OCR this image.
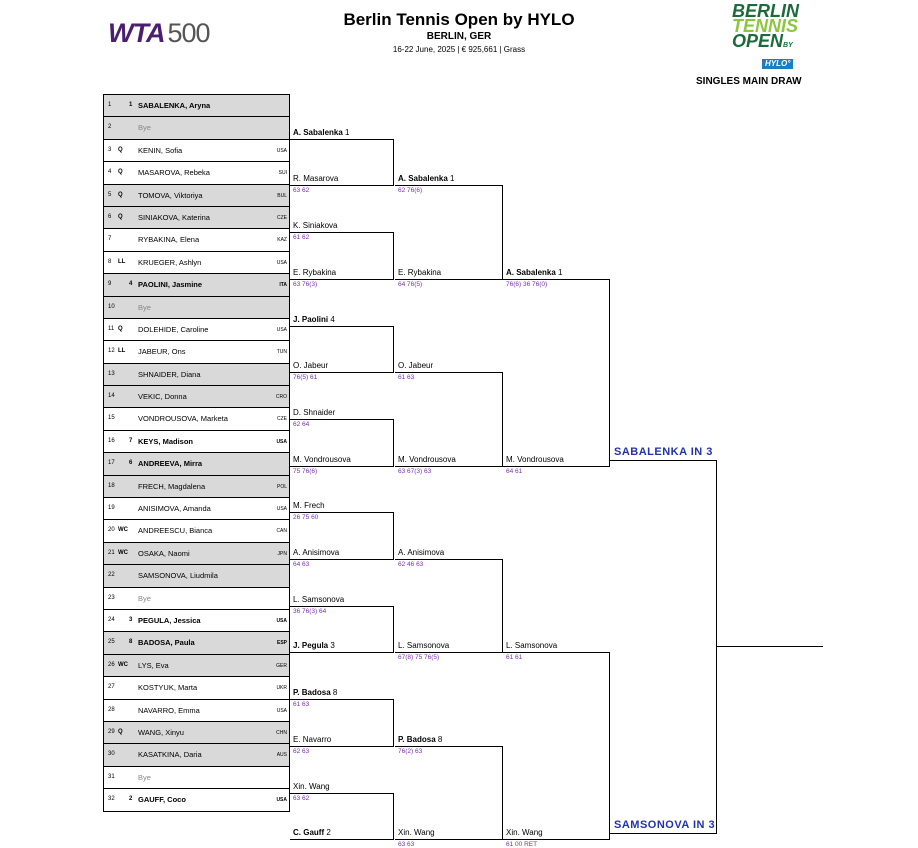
WTA 500	Berlin Tennis Open by HYLO
BERLIN, GER
16-22 June, 2025 | € 925,661 | Grass
BERLIN
TENNIS
OPENBY
HYLO°
SINGLES MAIN DRAW
1	1 SABALENKA, Aryna
2	Bye
3 Q KENIN, Sofia	USA
4 Q MASAROVA, Rebeka	SUI
5 Q TOMOVA, Viktoriya	BUL
6 Q SINIAKOVA, Katerina	CZE
7	RYBAKINA, Elena	KAZ
8 LL KRUEGER, Ashlyn	USA
9	4 PAOLINI, Jasmine	ITA
10	Bye
11 Q DOLEHIDE, Caroline	USA
12 LL JABEUR, Ons	TUN
13	SHNAIDER, Diana
14	VEKIC, Donna	CRO
15	VONDROUSOVA, Marketa	CZE
16 7 KEYS, Madison	USA
17 6 ANDREEVA, Mirra
18	FRECH, Magdalena	POL
19	ANISIMOVA, Amanda	USA
20 WC ANDREESCU, Bianca	CAN
21 WC OSAKA, Naomi	JPN
22	SAMSONOVA, Liudmila
23	Bye
24 3 PEGULA, Jessica	USA
25 8 BADOSA, Paula	ESP
26 WC LYS, Eva	GER
27	KOSTYUK, Marta	UKR
28	NAVARRO, Emma	USA
29 Q WANG, Xinyu	CHN
30	KASATKINA, Daria	AUS
31	Bye
32 2 GAUFF, Coco	USA
A. Sabalenka 1
R. Masarova
63 62
K. Siniakova
61 62
E. Rybakina
63 76(3)
J. Paolini 4
O. Jabeur
76(5) 61
D. Shnaider
62 64
M. Vondrousova
75 76(6)
M. Frech
26 75 60
A. Anisimova
64 63
L. Samsonova
36 76(3) 64
J. Pegula 3
P. Badosa 8
61 63
E. Navarro
62 63
Xin. Wang
63 62
C. Gauff 2
A. Sabalenka 1
62 76(6)
E. Rybakina
64 76(5)
O. Jabeur
61 63
M. Vondrousova
63 67(3) 63
A. Anisimova
62 46 63
L. Samsonova
67(8) 75 76(5)
P. Badosa 8
76(2) 63
Xin. Wang
63 63
A. Sabalenka 1
76(6) 36 76(0)
M. Vondrousova
64 61
L. Samsonova
61 61
Xin. Wang
61 00 RET
SABALENKA IN 3
SAMSONOVA IN 3
